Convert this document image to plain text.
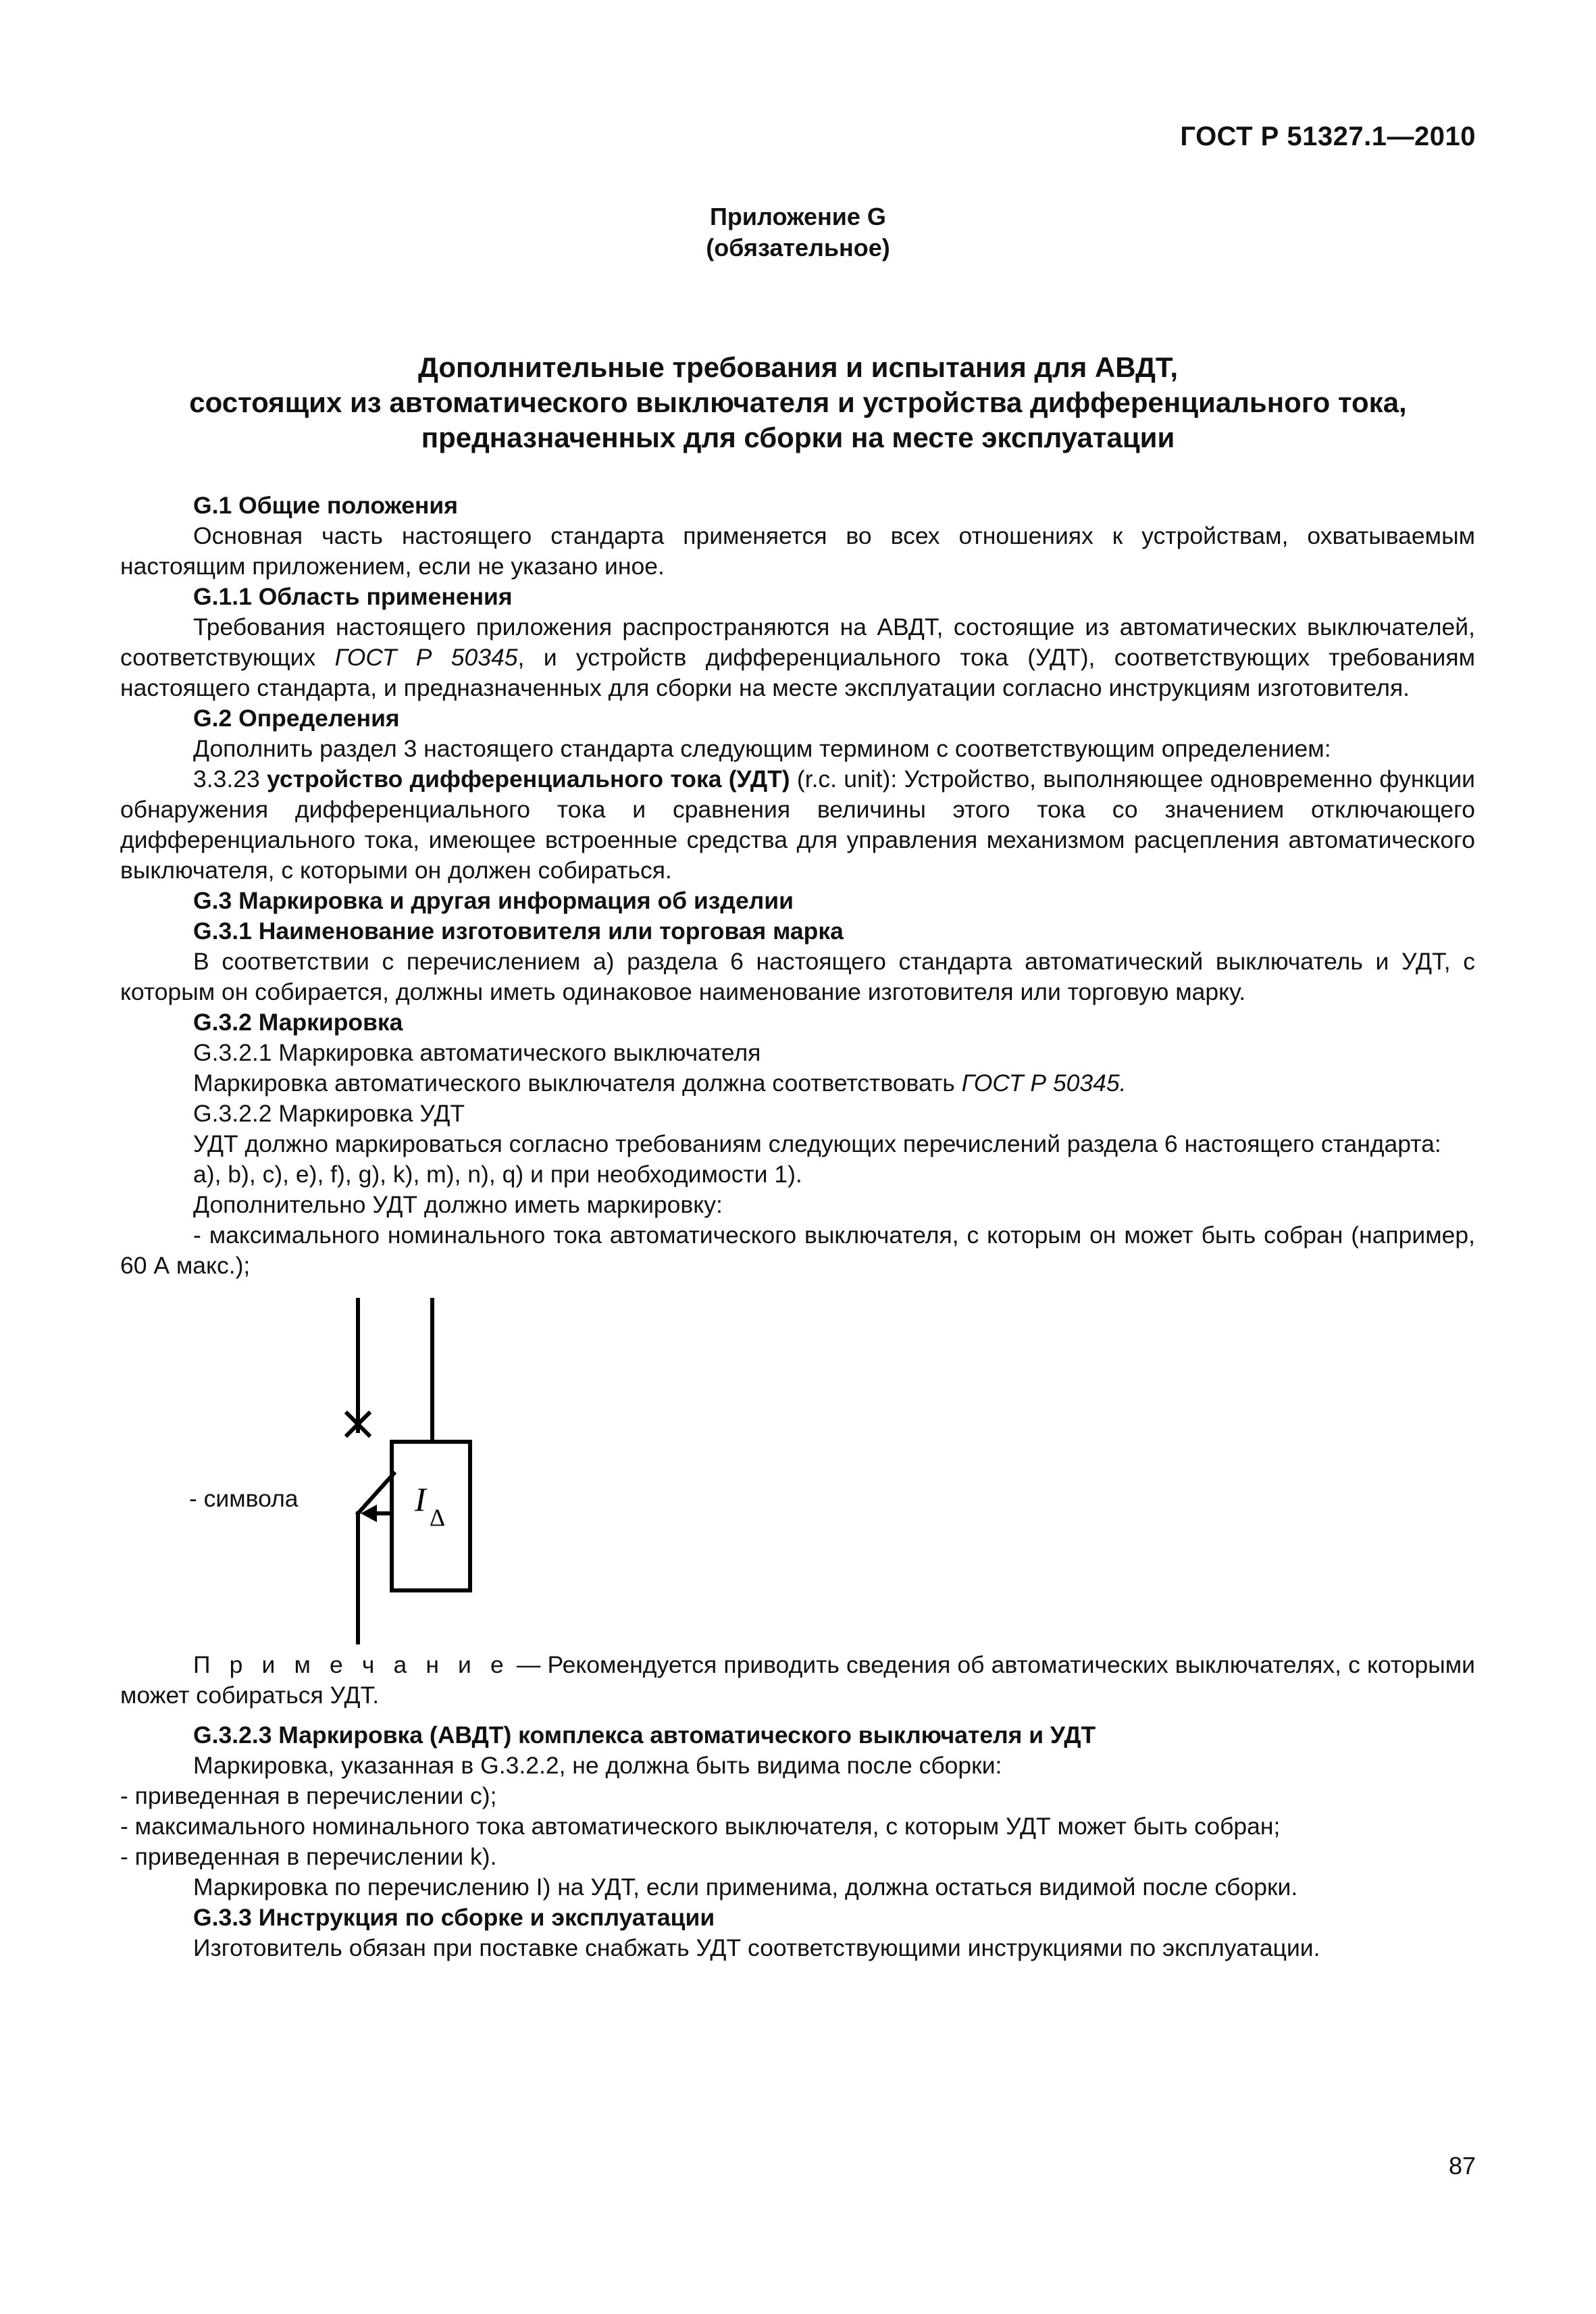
ГОСТ Р 51327.1—2010
Приложение G
(обязательное)
Дополнительные требования и испытания для АВДТ,
состоящих из автоматического выключателя и устройства дифференциального тока,
предназначенных для сборки на месте эксплуатации

G.1 Общие положения

Основная часть настоящего стандарта применяется во всех отношениях к устройствам, охватываемым настоящим приложением, если не указано иное.

G.1.1 Область применения

Требования настоящего приложения распространяются на АВДТ, состоящие из автоматических выключателей, соответствующих ГОСТ Р 50345, и устройств дифференциального тока (УДТ), соответствующих требованиям настоящего стандарта, и предназначенных для сборки на месте эксплуатации согласно инструкциям изготовителя.

G.2 Определения

Дополнить раздел 3 настоящего стандарта следующим термином с соответствующим определением:

3.3.23 устройство дифференциального тока (УДТ) (r.c. unit): Устройство, выполняющее одновременно функции обнаружения дифференциального тока и сравнения величины этого тока со значением отключающего дифференциального тока, имеющее встроенные средства для управления механизмом расцепления автоматического выключателя, с которыми он должен собираться.

G.3 Маркировка и другая информация об изделии

G.3.1 Наименование изготовителя или торговая марка

В соответствии с перечислением а) раздела 6 настоящего стандарта автоматический выключатель и УДТ, с которым он собирается, должны иметь одинаковое наименование изготовителя или торговую марку.

G.3.2 Маркировка

G.3.2.1 Маркировка автоматического выключателя

Маркировка автоматического выключателя должна соответствовать ГОСТ Р 50345.

G.3.2.2 Маркировка УДТ

УДТ должно маркироваться согласно требованиям следующих перечислений раздела 6 настоящего стандарта:

a), b), c), e), f), g), k), m), n), q) и при необходимости 1).

Дополнительно УДТ должно иметь маркировку:

- максимального номинального тока автоматического выключателя, с которым он может быть собран (например, 60 А макс.);

- символа	I Δ

П р и м е ч а н и е — Рекомендуется приводить сведения об автоматических выключателях, с которыми может собираться УДТ.

G.3.2.3 Маркировка (АВДТ) комплекса автоматического выключателя и УДТ

Маркировка, указанная в G.3.2.2, не должна быть видима после сборки:

- приведенная в перечислении с);

- максимального номинального тока автоматического выключателя, с которым УДТ может быть собран;

- приведенная в перечислении k).

Маркировка по перечислению I) на УДТ, если применима, должна остаться видимой после сборки.

G.3.3 Инструкция по сборке и эксплуатации

Изготовитель обязан при поставке снабжать УДТ соответствующими инструкциями по эксплуатации.

87
